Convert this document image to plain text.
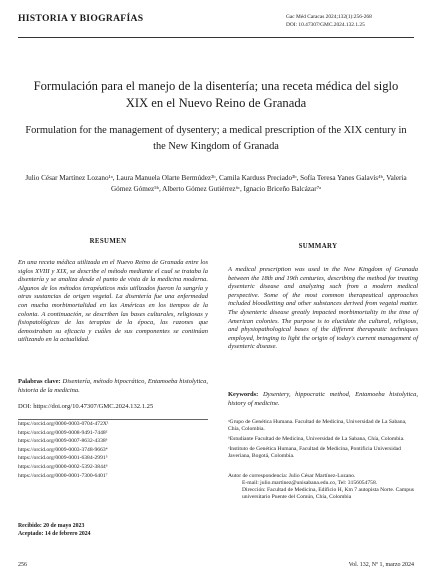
HISTORIA Y BIOGRAFÍAS	Gac Méd Caracas 2024;132(1):256-268
DOI: 10.47307/GMC.2024.132.1.25
Formulación para el manejo de la disentería; una receta médica del siglo XIX en el Nuevo Reino de Granada
Formulation for the management of dysentery; a medical prescription of the XIX century in the New Kingdom of Granada
Julio César Martínez Lozano¹ᵃ, Laura Manuela Olarte Bermúdez²ᵇ, Camila Karduss Preciado³ᵇ, Sofía Teresa Yanes Galavís⁴ᵇ, Valeria Gómez Gómez⁵ᵇ, Alberto Gómez Gutiérrez⁶ᶜ, Ignacio Briceño Balcázar⁷ᵃ
RESUMEN
SUMMARY
En una receta médica utilizada en el Nuevo Reino de Granada entre los siglos XVIII y XIX, se describe el método mediante el cual se trataba la disentería y se analiza desde el punto de vista de la medicina moderna. Algunos de los métodos terapéuticos más utilizados fueron la sangría y otras sustancias de origen vegetal. La disentería fue una enfermedad con mucha morbimortalidad en las Américas en los tiempos de la colonia. A continuación, se describen las bases culturales, religiosas y fisiopatológicas de las terapias de la época, las razones que demostraban su eficacia y cuáles de sus componentes se continúan utilizando en la actualidad.
A medical prescription was used in the New Kingdom of Granada between the 18th and 19th centuries, describing the method for treating dysenteric disease and analyzing such from a modern medical perspective. Some of the most common therapeutical approaches included bloodletting and other substances derived from vegetal matter. The dysenteric disease greatly impacted morbimortality in the time of American colonies. The purpose is to elucidate the cultural, religious, and physiopathological bases of the different therapeutic techniques employed, bringing to light the origin of today's current management of dysenteric disease.
Palabras clave: Disentería, método hipocrático, Entamoeba histolytica, historia de la medicina.
Keywords: Dysentery, hippocratic method, Entamoeba histolytica, history of medicine.
DOI: https://doi.org/10.47307/GMC.2024.132.1.25
https://orcid.org/0000-0003-0704-472X¹
https://orcid.org/0009-0008-9491-7448²
https://orcid.org/0009-0007-8632-4338³
https://orcid.org/0009-0003-3748-9663⁴
https://orcid.org/0009-0001-6384-2991⁵
https://orcid.org/0000-0002-5392-3844⁶
https://orcid.org/0000-0001-7300-6401⁷
Recibido: 20 de mayo 2023
Aceptado: 14 de febrero 2024

ᵃGrupo de Genética Humana. Facultad de Medicina, Universidad de La Sabana, Chía, Colombia.

ᵇEstudiante Facultad de Medicina, Universidad de La Sabana, Chía, Colombia.

ᶜInstituto de Genética Humana, Facultad de Medicina, Pontificia Universidad Javeriana, Bogotá, Colombia.

Autor de correspondencia: Julio César Martínez-Lozano.

E-mail: julio.martinez@unisabana.edu.co, Tel: 3156054758.

Dirección: Facultad de Medicina, Edificio H, Km 7 autopista Norte. Campus universitario Puente del Común, Chía, Colombia

256	Vol. 132, Nº 1, marzo 2024
